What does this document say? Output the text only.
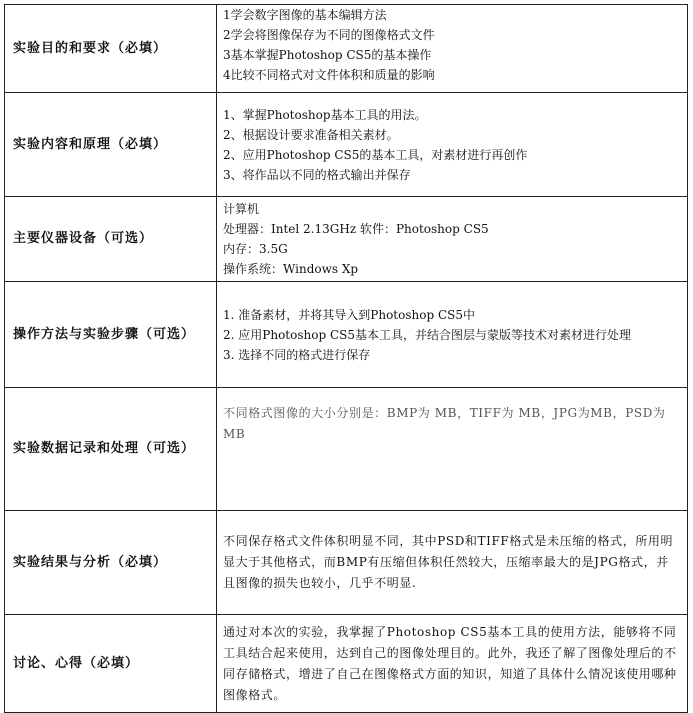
实验目的和要求（必填）	1学会数字图像的基本编辑方法
2学会将图像保存为不同的图像格式文件
3基本掌握Photoshop CS5的基本操作
4比较不同格式对文件体积和质量的影响

实验内容和原理（必填）	1、掌握Photoshop基本工具的用法。
2、根据设计要求准备相关素材。
2、应用Photoshop CS5的基本工具，对素材进行再创作
3、将作品以不同的格式输出并保存

主要仪器设备（可选）	计算机
处理器：Intel 2.13GHz 软件：Photoshop CS5
内存：3.5G
操作系统：Windows Xp

操作方法与实验步骤（可选）	1. 准备素材，并将其导入到Photoshop CS5中
2. 应用Photoshop CS5基本工具，并结合图层与蒙版等技术对素材进行处理
3. 选择不同的格式进行保存

实验数据记录和处理（可选）	不同格式图像的大小分别是：BMP为 MB，TIFF为 MB，JPG为MB，PSD为 MB

实验结果与分析（必填）	不同保存格式文件体积明显不同，其中PSD和TIFF格式是未压缩的格式，所用明显大于其他格式，而BMP有压缩但体积任然较大，压缩率最大的是JPG格式，并且图像的损失也较小，几乎不明显.

讨论、心得（必填）	通过对本次的实验，我掌握了Photoshop CS5基本工具的使用方法，能够将不同工具结合起来使用，达到自己的图像处理目的。此外，我还了解了图像处理后的不同存储格式，增进了自己在图像格式方面的知识，知道了具体什么情况该使用哪种图像格式。
